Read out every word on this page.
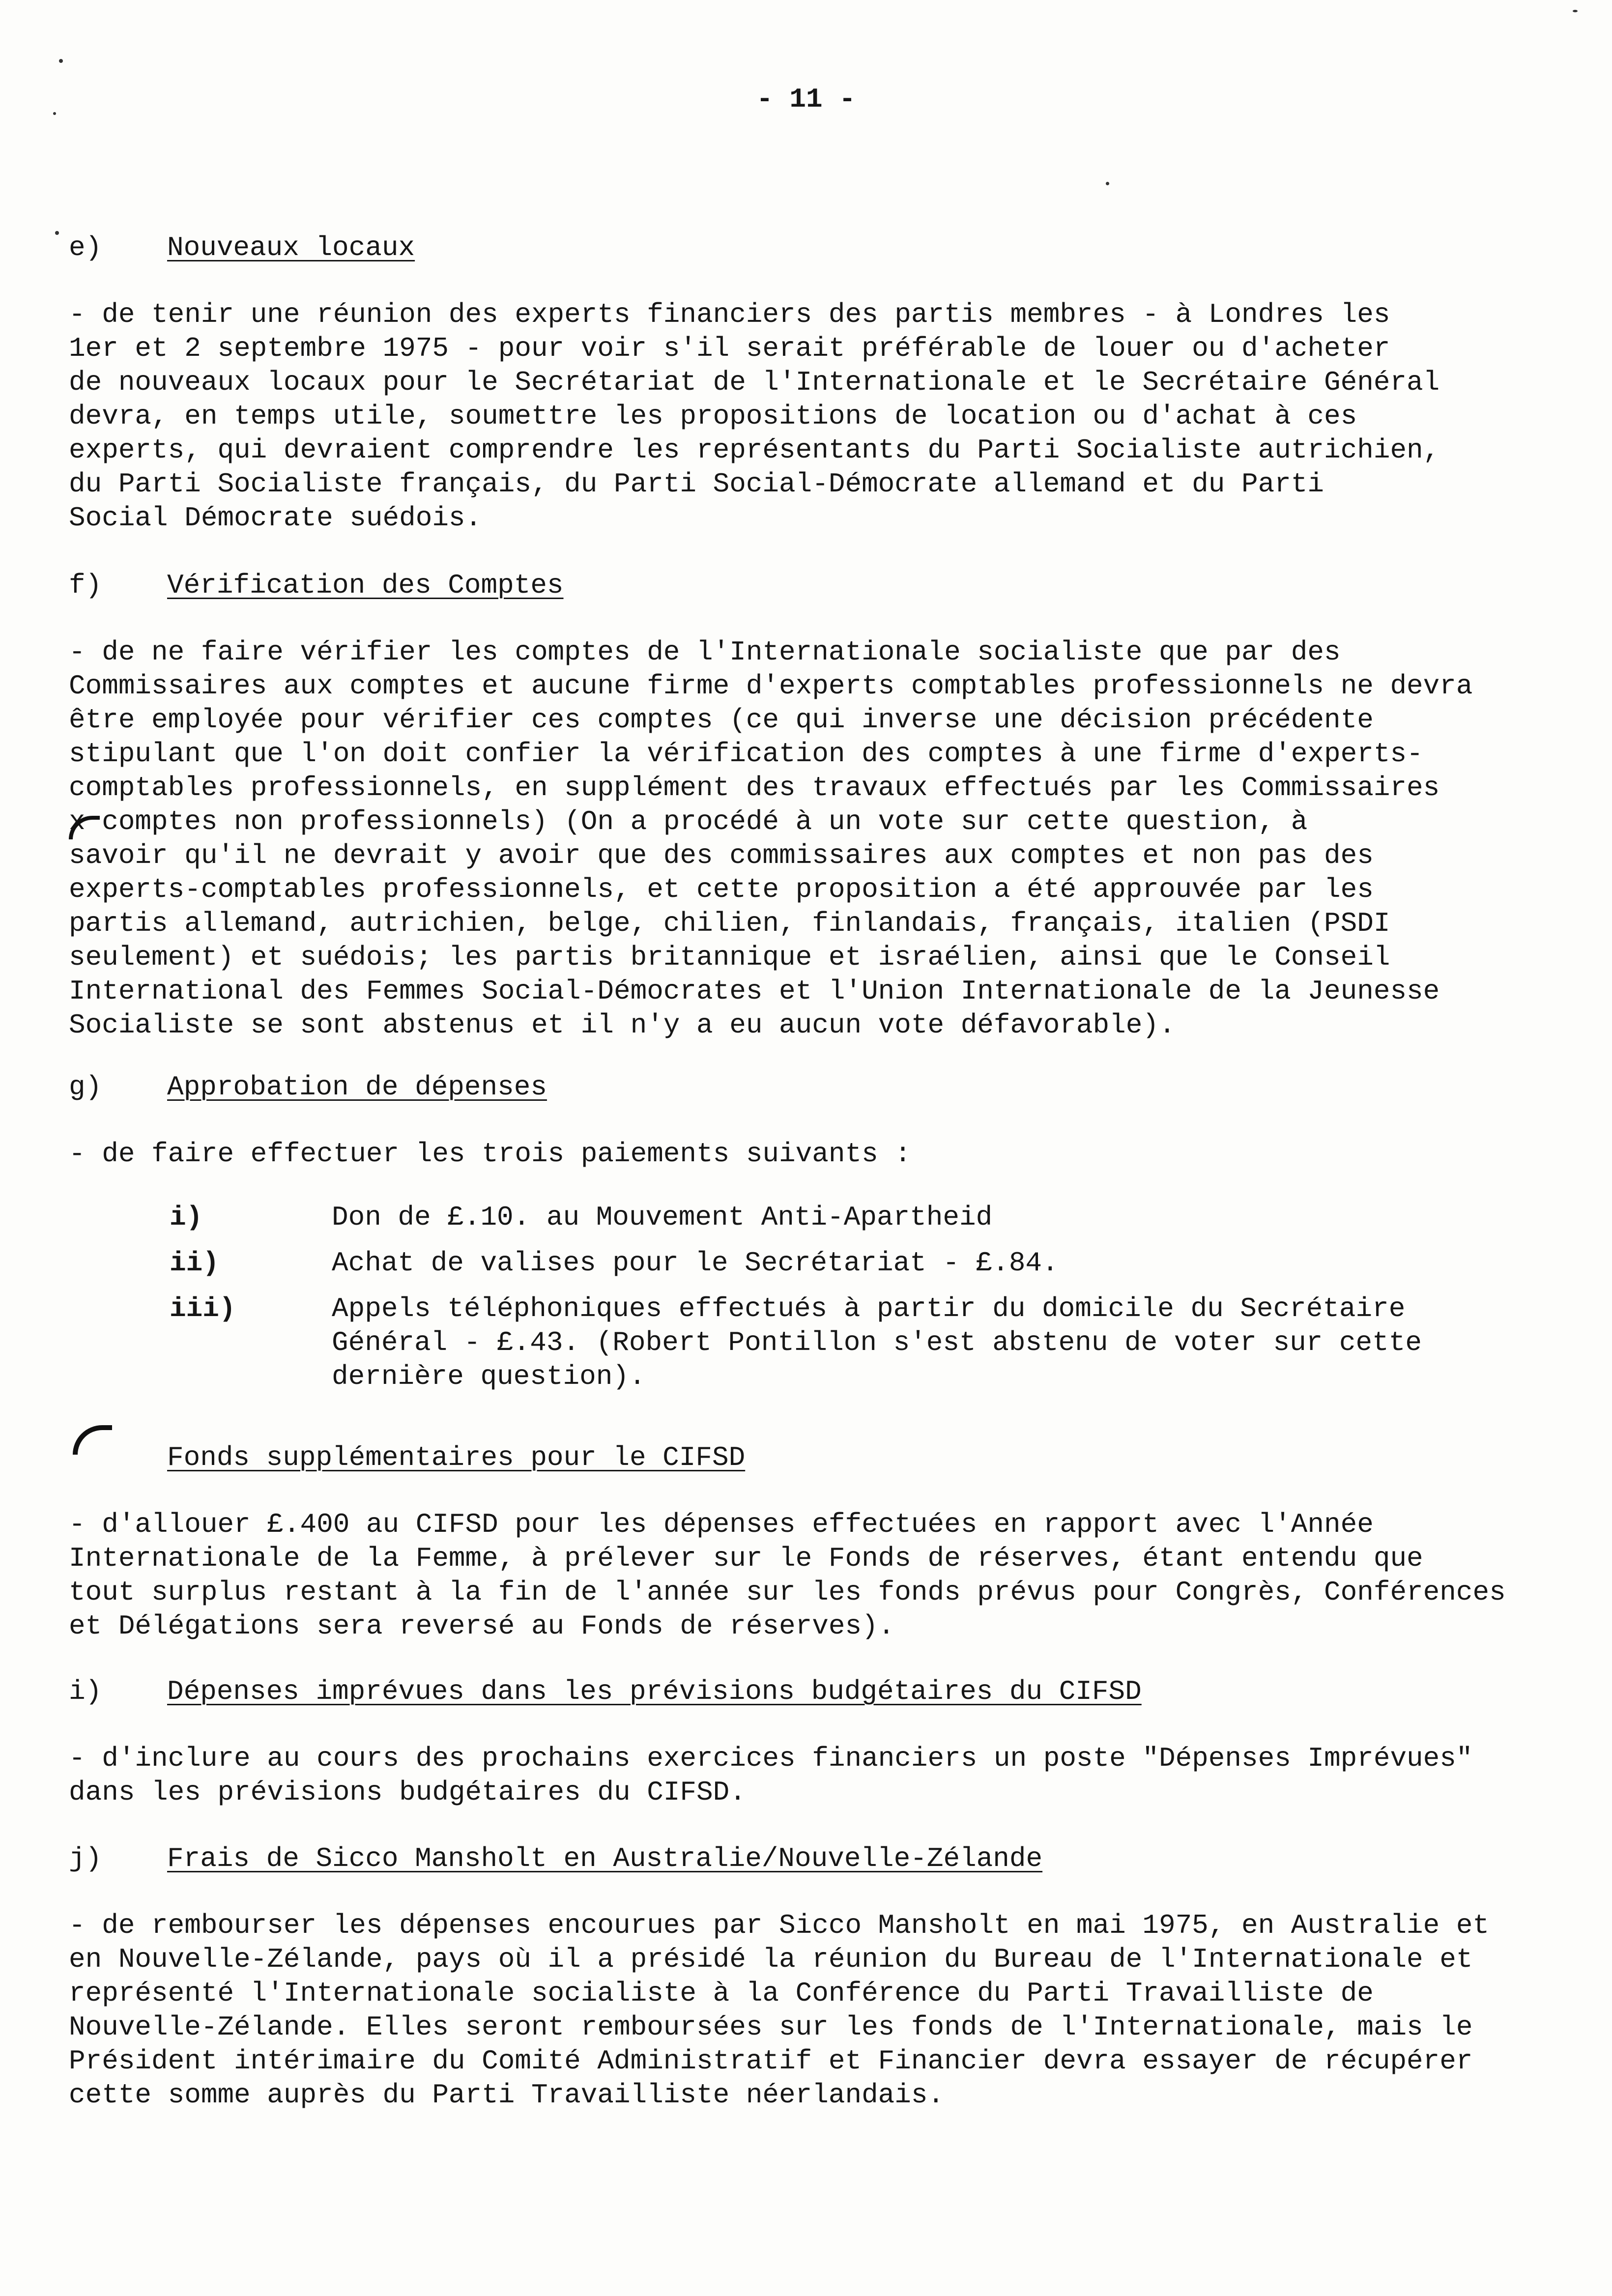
- 11 -
e) Nouveaux locaux
- de tenir une réunion des experts financiers des partis membres - à Londres les
1er et 2 septembre 1975 - pour voir s'il serait préférable de louer ou d'acheter
de nouveaux locaux pour le Secrétariat de l'Internationale et le Secrétaire Général
devra, en temps utile, soumettre les propositions de location ou d'achat à ces
experts, qui devraient comprendre les représentants du Parti Socialiste autrichien,
du Parti Socialiste français, du Parti Social-Démocrate allemand et du Parti
Social Démocrate suédois.
f) Vérification des Comptes
- de ne faire vérifier les comptes de l'Internationale socialiste que par des
Commissaires aux comptes et aucune firme d'experts comptables professionnels ne devra
être employée pour vérifier ces comptes (ce qui inverse une décision précédente
stipulant que l'on doit confier la vérification des comptes à une firme d'experts-
comptables professionnels, en supplément des travaux effectués par les Commissaires
x comptes non professionnels) (On a procédé à un vote sur cette question, à
savoir qu'il ne devrait y avoir que des commissaires aux comptes et non pas des
experts-comptables professionnels, et cette proposition a été approuvée par les
partis allemand, autrichien, belge, chilien, finlandais, français, italien (PSDI
seulement) et suédois; les partis britannique et israélien, ainsi que le Conseil
International des Femmes Social-Démocrates et l'Union Internationale de la Jeunesse
Socialiste se sont abstenus et il n'y a eu aucun vote défavorable).
g) Approbation de dépenses
- de faire effectuer les trois paiements suivants :
i)	Don de £.10. au Mouvement Anti-Apartheid
ii)	Achat de valises pour le Secrétariat - £.84.
iii)	Appels téléphoniques effectués à partir du domicile du Secrétaire
Général - £.43. (Robert Pontillon s'est abstenu de voter sur cette
dernière question).
Fonds supplémentaires pour le CIFSD
- d'allouer £.400 au CIFSD pour les dépenses effectuées en rapport avec l'Année
Internationale de la Femme, à prélever sur le Fonds de réserves, étant entendu que
tout surplus restant à la fin de l'année sur les fonds prévus pour Congrès, Conférences
et Délégations sera reversé au Fonds de réserves).
i) Dépenses imprévues dans les prévisions budgétaires du CIFSD
- d'inclure au cours des prochains exercices financiers un poste "Dépenses Imprévues"
dans les prévisions budgétaires du CIFSD.
j) Frais de Sicco Mansholt en Australie/Nouvelle-Zélande
- de rembourser les dépenses encourues par Sicco Mansholt en mai 1975, en Australie et
en Nouvelle-Zélande, pays où il a présidé la réunion du Bureau de l'Internationale et
représenté l'Internationale socialiste à la Conférence du Parti Travailliste de
Nouvelle-Zélande. Elles seront remboursées sur les fonds de l'Internationale, mais le
Président intérimaire du Comité Administratif et Financier devra essayer de récupérer
cette somme auprès du Parti Travailliste néerlandais.
